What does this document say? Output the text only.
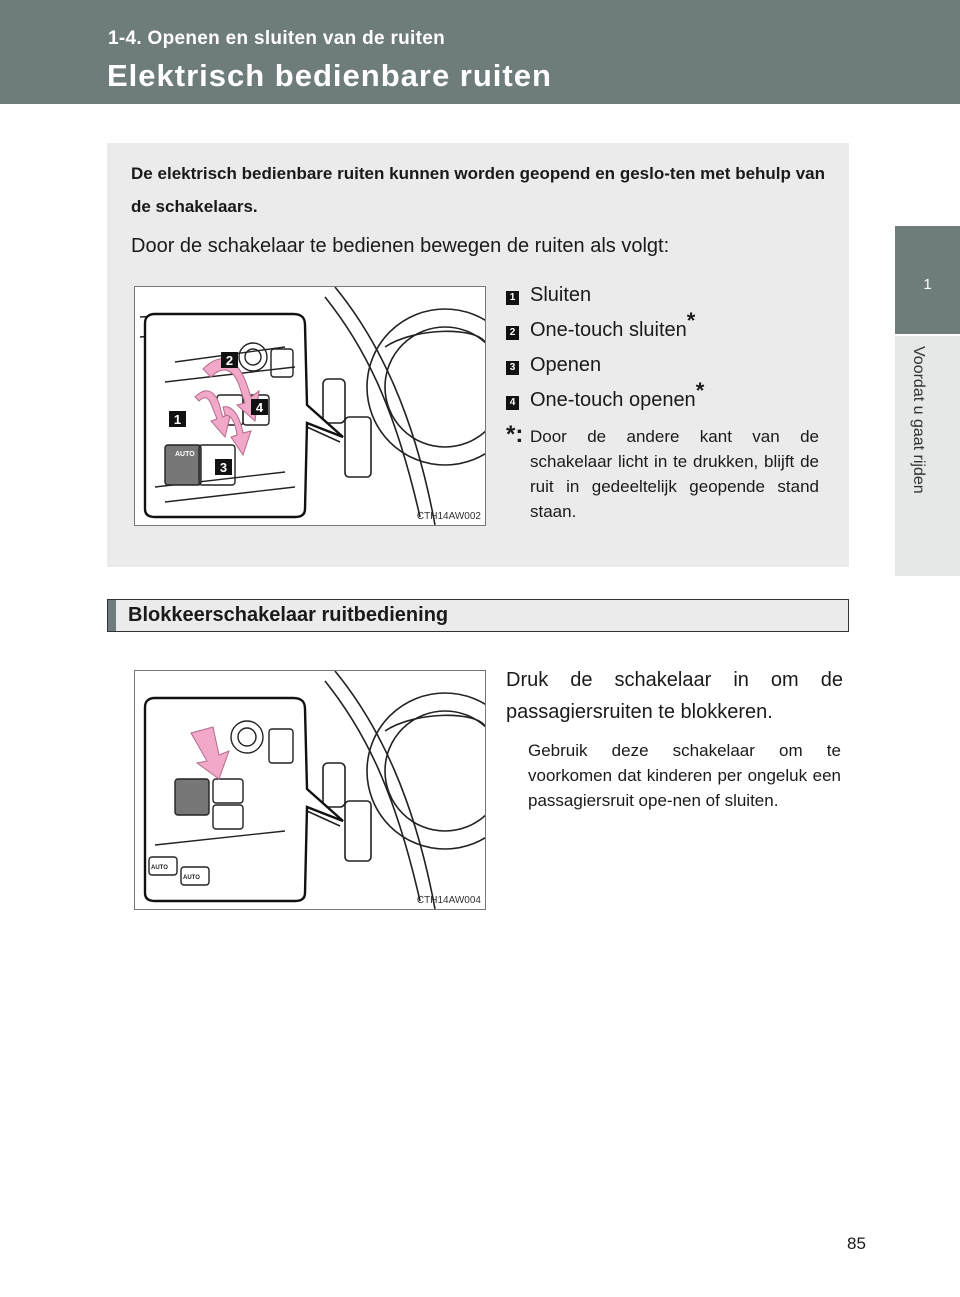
1-4. Openen en sluiten van de ruiten
Elektrisch bedienbare ruiten
1
Voordat u gaat rijden
De elektrisch bedienbare ruiten kunnen worden geopend en geslo-ten met behulp van de schakelaars.
Door de schakelaar te bedienen bewegen de ruiten als volgt:
AUTO
1
2
3
4
CTH14AW002
1 Sluiten
2 One-touch sluiten*
3 Openen
4 One-touch openen*
*: Door de andere kant van de schakelaar licht in te drukken, blijft de ruit in gedeeltelijk geopende stand staan.
Blokkeerschakelaar ruitbediening
AUTO
AUTO
CTH14AW004
Druk de schakelaar in om de passagiersruiten te blokkeren.
Gebruik deze schakelaar om te voorkomen dat kinderen per ongeluk een passagiersruit ope-nen of sluiten.
85
